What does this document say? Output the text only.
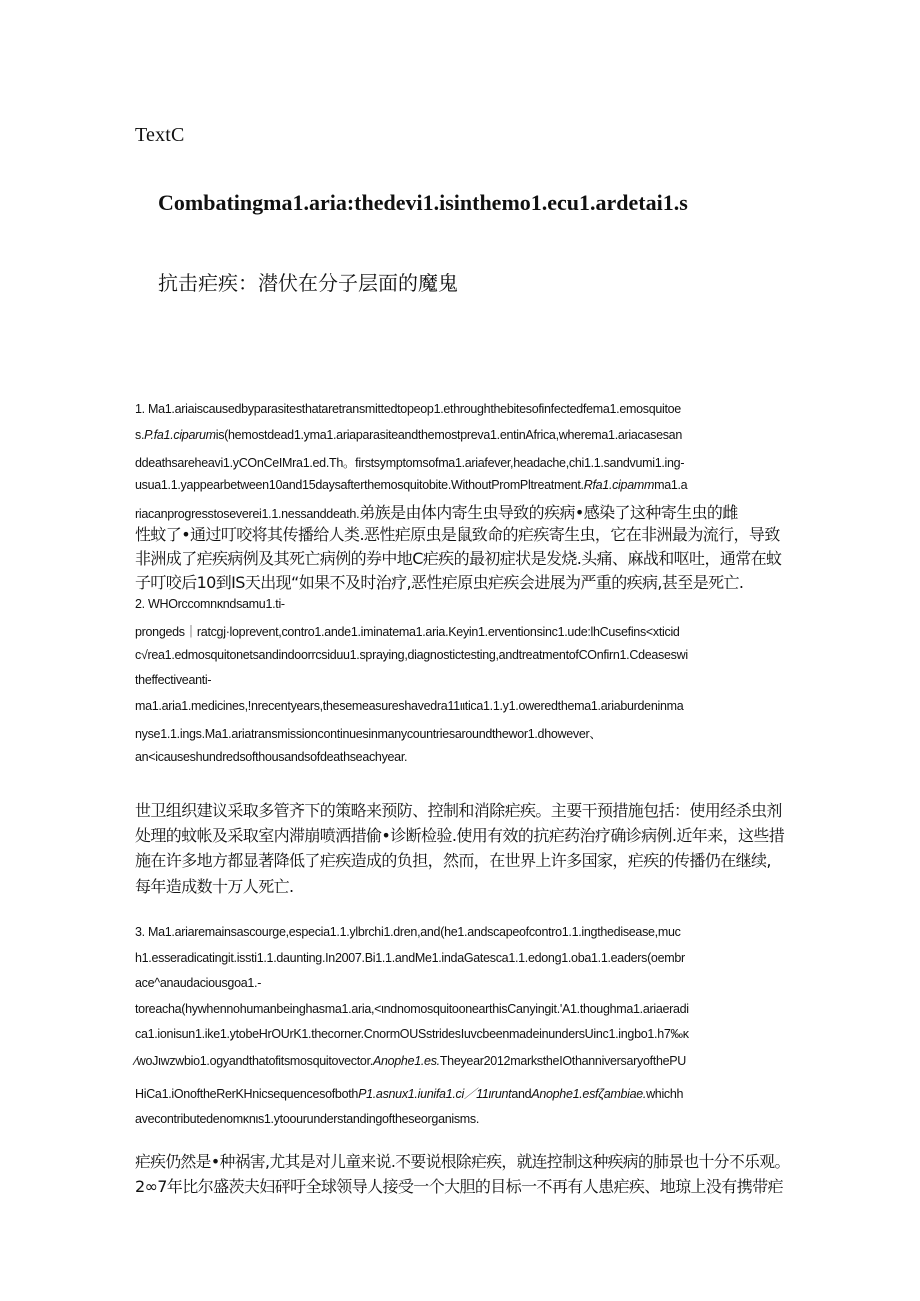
TextC
Combatingma1.aria:thedevi1.isinthemo1.ecu1.ardetai1.s
抗击疟疾：潜伏在分子层面的魔鬼
1. Ma1.ariaiscausedbyparasitesthataretransmittedtopeop1.ethroughthebitesofinfectedfema1.emosquitoe
s.P.fa1.ciparumis(hemostdead1.yma1.ariaparasiteandthemostpreva1.entinAfrica,wherema1.ariacasesan
ddeathsareheavi1.yCOnCeIMra1.ed.Th。firstsymptomsofma1.ariafever,headache,chi1.1.sandvumi1.ing-
usua1.1.yappearbetween10and15daysafterthemosquitobite.WithoutPromPltreatment.Rfa1.cipammma1.a
riacanprogresstoseverei1.1.nessanddeath.弟族是由体内寄生虫导致的疾病•感染了这种寄生虫的雌
性蚊了•通过叮咬将其传播给人类.恶性疟原虫是鼠致命的疟疾寄生虫，它在非洲最为流行，导致
非洲成了疟疾病例及其死亡病例的券中地C疟疾的最初症状是发烧.头痛、麻战和呕吐，通常在蚊
子叮咬后10到IS天出现“如果不及时治疗,恶性疟原虫疟疾会进展为严重的疾病,甚至是死亡.
2. WHOrccomnκndsamu1.ti-
prongeds｜ratcgj·loprevent,contro1.ande1.iminatema1.aria.Keyin1.erventionsinc1.ude:lhCusefins<xticid
c√rea1.edmosquitonetsandindoorrcsiduu1.spraying,diagnostictesting,andtreatmentofCOnfirn1.Cdeaseswi
theffectiveanti-
ma1.aria1.medicines,!nrecentyears,thesemeasureshavedra11ιιtica1.1.y1.oweredthema1.ariaburdeninma
nyse1.1.ings.Ma1.ariatransmissioncontinuesinmanycountriesaroundthewor1.dhowever、
an<icauseshundredsofthousandsofdeathseachyear.
世卫组织建议采取多管齐下的策略来预防、控制和消除疟疾。主要干预措施包括：使用经杀虫剂
处理的蚊帐及采取室内滞崩喷洒措偷•诊断检验.使用有效的抗疟药治疗确诊病例.近年来，这些措
施在许多地方都显著降低了疟疾造成的负担，然而，在世界上许多国家，疟疾的传播仍在继续,
每年造成数十万人死亡.
3. Ma1.ariaremainsascourge,especia1.1.ylbrchi1.dren,and(he1.andscapeofcontro1.1.ingthedisease,muc
h1.esseradicatingit.issti1.1.daunting.In2007.Bi1.1.andMe1.indaGatesca1.1.edong1.oba1.1.eaders(oembr
ace^anaudaciousgoa1.-
toreacha(hywhennohumanbeinghasma1.aria,<ιndnomosquitoonearthisCanyingit.'A1.thoughma1.ariaeradi
ca1.ionisun1.ike1.ytobeHrOUrK1.thecorner.CnormOUSstridesIuvcbeenmadeinundersUinc1.ingbo1.h7‰κ
⁄woJιwzwbio1.ogyandthatofitsmosquitovector.Anophe1.es.Theyear2012markstheIOthanniversaryofthePU
HiCa1.iOnoftheRerKHnicsequencesofbothP1.asnux1.iunifa1.ci／11ιruntandAnophe1.esfζambiae.whichh
avecontributedenomκnιs1.ytoourunderstandingoftheseorganisms.
疟疾仍然是•种祸害,尤其是对儿童来说.不要说根除疟疾，就连控制这种疾病的肺景也十分不乐观。
2∞7年比尔盛茨夫妇砰吁全球领导人接受一个大胆的目标一不再有人患疟疾、地琼上没有携带疟
